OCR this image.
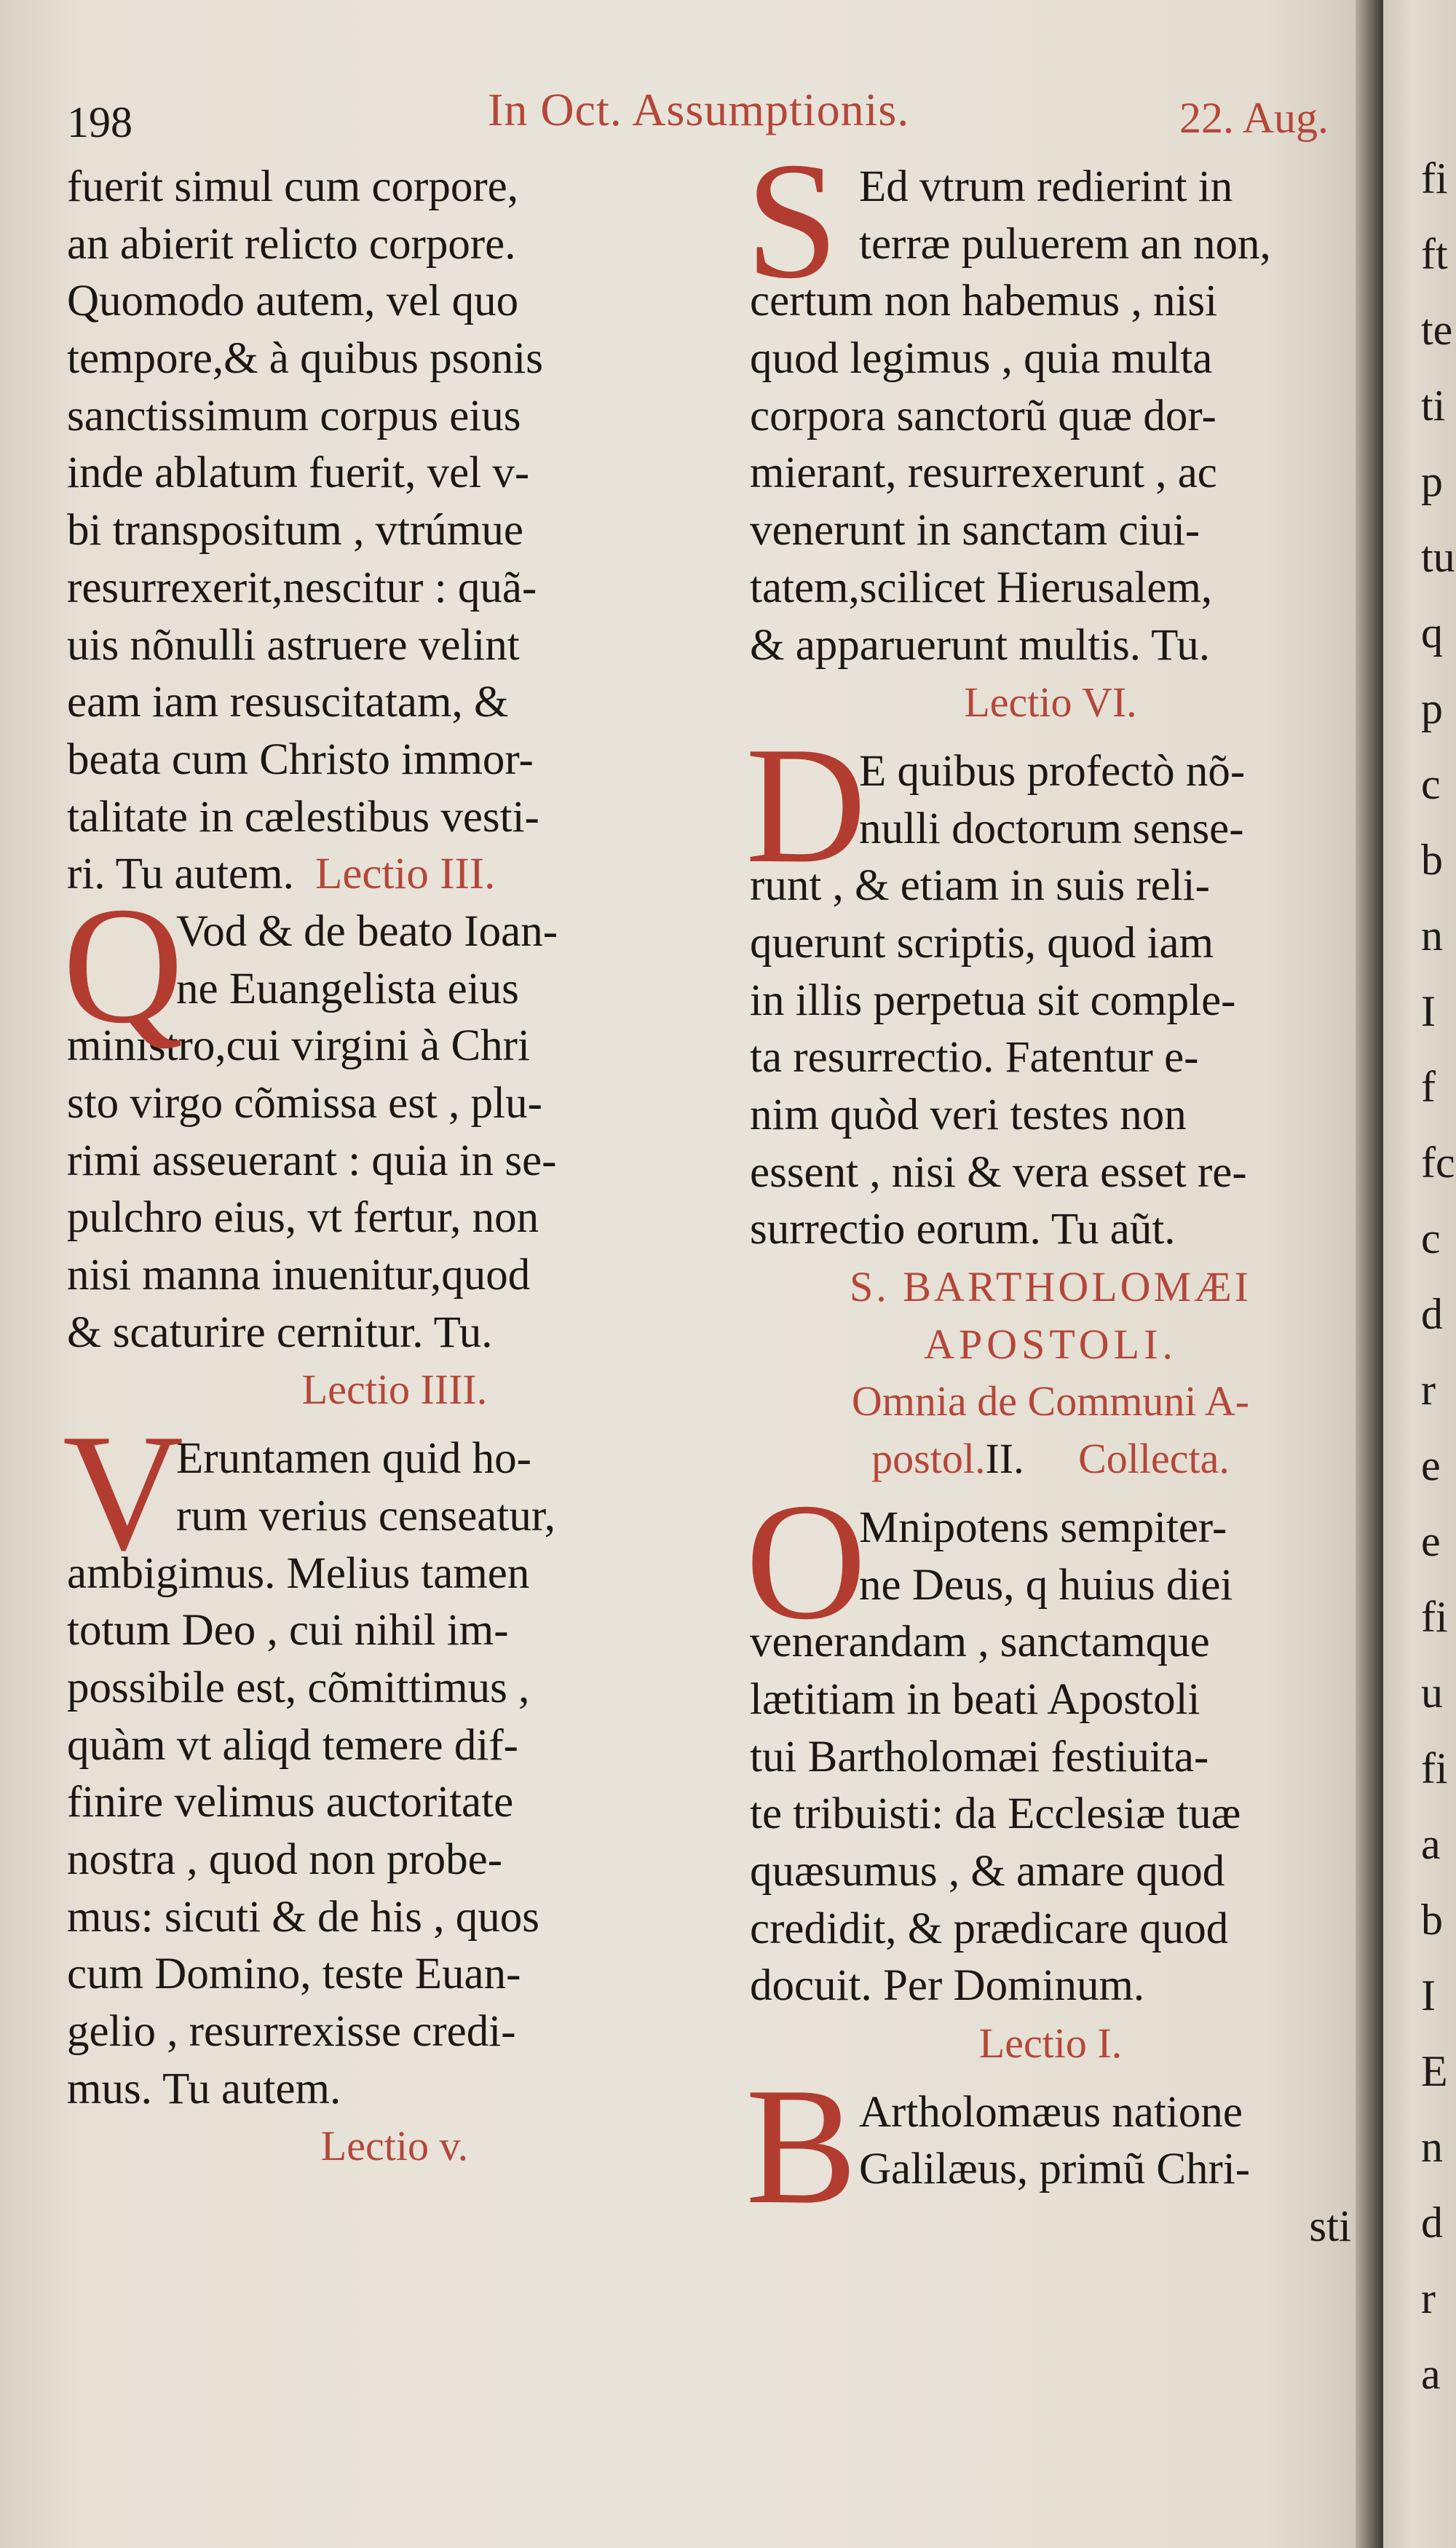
198	In Oct. Assumptionis.	22. Aug.
fuerit simul cum corpore,
an abierit relicto corpore.
Quomodo autem, vel quo
tempore,& à quibus psonis
sanctissimum corpus eius
inde ablatum fuerit, vel v-
bi transpositum , vtrúmue
resurrexerit,nescitur : quã-
uis nõnulli astruere velint
eam iam resuscitatam, &
beata cum Christo immor-
talitate in cælestibus vesti-
ri. Tu autem. Lectio III.
Q
Vod & de beato Ioan-
ne Euangelista eius
ministro,cui virgini à Chri
sto virgo cõmissa est , plu-
rimi asseuerant : quia in se-
pulchro eius, vt fertur, non
nisi manna inuenitur,quod
& scaturire cernitur. Tu.
Lectio IIII.
V
Eruntamen quid ho-
rum verius censeatur,
ambigimus. Melius tamen
totum Deo , cui nihil im-
possibile est, cõmittimus ,
quàm vt aliqd temere dif-
finire velimus auctoritate
nostra , quod non probe-
mus: sicuti & de his , quos
cum Domino, teste Euan-
gelio , resurrexisse credi-
mus. Tu autem.
Lectio v.
S Ed vtrum redierint in
terræ puluerem an non,
certum non habemus , nisi
quod legimus , quia multa
corpora sanctorũ quæ dor-
mierant, resurrexerunt , ac
venerunt in sanctam ciui-
tatem,scilicet Hierusalem,
& apparuerunt multis. Tu.
Lectio VI.
D
E quibus profectò nõ-
nulli doctorum sense-
runt , & etiam in suis reli-
querunt scriptis, quod iam
in illis perpetua sit comple-
ta resurrectio. Fatentur e-
nim quòd veri testes non
essent , nisi & vera esset re-
surrectio eorum. Tu aũt.
S. BARTHOLOMÆI
APOSTOLI.
Omnia de Communi A-
postol.II. Collecta.
O
Mnipotens sempiter-
ne Deus, q huius diei
venerandam , sanctamque
lætitiam in beati Apostoli
tui Bartholomæi festiuita-
te tribuisti: da Ecclesiæ tuæ
quæsumus , & amare quod
credidit, & prædicare quod
docuit. Per Dominum.
Lectio I.
B Artholomæus natione
Galilæus, primũ Chri-
sti
fi
ft
te
ti
p
tu
q
p
c
b
n
I
f
fc
c
d
r
e
e
fi
u
fi
a
b
I
E
n
d
r
a
